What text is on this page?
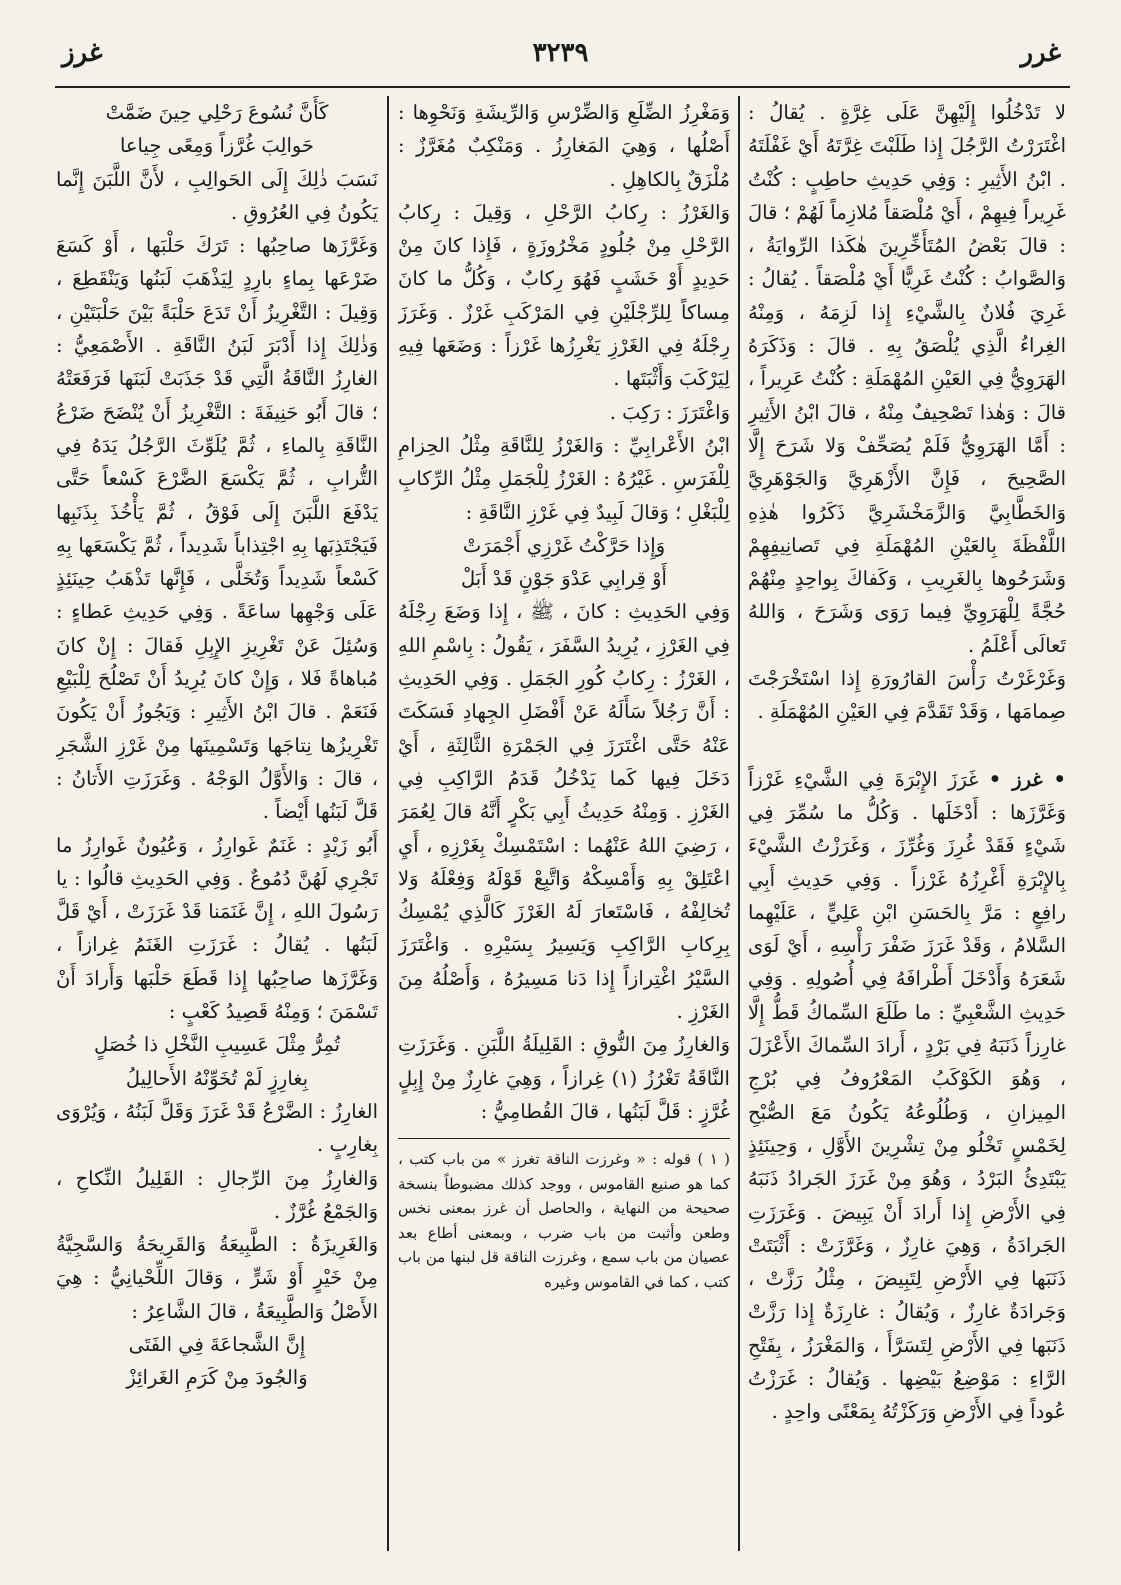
غرر
٣٢٣٩
غرز

لا تَدْخُلُوا إِلَيْهِنَّ عَلَى غِرَّةٍ . يُقالُ : اغْتَرَرْتُ الرَّجُلَ إِذا طَلَبْتَ غِرَّتَهُ أَيْ غَفْلَتَهُ . ابْنُ الأَثِيرِ : وَفِي حَدِيثِ حاطِبٍ : كُنْتُ غَرِيراً فِيهِمْ ، أَيْ مُلْصَقاً مُلازِماً لَهُمْ ؛ قالَ : قالَ بَعْضُ المُتَأَخِّرِينَ هٰكَذا الرِّوايَةُ ، وَالصَّوابُ : كُنْتُ غَرِيًّا أَيْ مُلْصَقاً . يُقالُ : غَرِيَ فُلانٌ بِالشَّيْءِ إِذا لَزِمَهُ ، وَمِنْهُ الغِراءُ الَّذِي يُلْصَقُ بِهِ . قالَ : وَذَكَرَهُ الهَرَوِيُّ فِي العَيْنِ المُهْمَلَةِ : كُنْتُ عَرِيراً ، قالَ : وَهٰذا تَصْحِيفٌ مِنْهُ ، قالَ ابْنُ الأَثِيرِ : أَمَّا الهَرَوِيُّ فَلَمْ يُصَحِّفْ وَلا شَرَحَ إِلَّا الصَّحِيحَ ، فَإِنَّ الأَزْهَرِيَّ وَالجَوْهَرِيَّ وَالخَطَّابِيَّ وَالزَّمَخْشَرِيَّ ذَكَرُوا هٰذِهِ اللَّفْظَةَ بِالعَيْنِ المُهْمَلَةِ فِي تَصانِيفِهِمْ وَشَرَحُوها بِالغَرِيبِ ، وَكَفاكَ بِواحِدٍ مِنْهُمْ حُجَّةً لِلْهَرَوِيِّ فِيما رَوَى وَشَرَحَ ، وَاللهُ تَعالَى أَعْلَمُ .

وَغَرْغَرْتُ رَأْسَ القارُورَةِ إِذا اسْتَخْرَجْتَ صِمامَها ، وَقَدْ تَقَدَّمَ فِي العَيْنِ المُهْمَلَةِ .

• غرز • غَرَزَ الإِبْرَةَ فِي الشَّيْءِ غَرْزاً وَغَرَّزَها : أَدْخَلَها . وَكُلُّ ما سُمِّرَ فِي شَيْءٍ فَقَدْ غُرِزَ وَغُرِّزَ ، وَغَرَزْتُ الشَّيْءَ بِالإِبْرَةِ أَغْرِزُهُ غَرْزاً . وَفِي حَدِيثِ أَبِي رافِعٍ : مَرَّ بِالحَسَنِ ابْنِ عَلِيٍّ ، عَلَيْهِما السَّلامُ ، وَقَدْ غَرَزَ ضَفْرَ رَأْسِهِ ، أَيْ لَوَى شَعَرَهُ وَأَدْخَلَ أَطْرافَهُ فِي أُصُولِهِ . وَفِي حَدِيثِ الشَّعْبِيِّ : ما طَلَعَ السِّماكُ قَطُّ إِلَّا غارِزاً ذَنَبَهُ فِي بَرْدٍ ، أَرادَ السِّماكَ الأَعْزَلَ ، وَهُوَ الكَوْكَبُ المَعْرُوفُ فِي بُرْجِ المِيزانِ ، وَطُلُوعُهُ يَكُونُ مَعَ الصُّبْحِ لِخَمْسٍ تَخْلُو مِنْ تِشْرِينَ الأَوَّلِ ، وَحِينَئِذٍ يَبْتَدِئُ البَرْدُ ، وَهُوَ مِنْ غَرَزَ الجَرادُ ذَنَبَهُ فِي الأَرْضِ إِذا أَرادَ أَنْ يَبِيضَ . وَغَرَزَتِ الجَرادَةُ ، وَهِيَ غارِزٌ ، وَغَرَّزَتْ : أَثْبَتَتْ ذَنَبَها فِي الأَرْضِ لِتَبِيضَ ، مِثْلُ رَزَّتْ ، وَجَرادَةٌ غارِزٌ ، وَيُقالُ : غارِزَةٌ إِذا رَزَّتْ ذَنَبَها فِي الأَرْضِ لِتَسَرَّأَ ، وَالمَغْرَزُ ، بِفَتْحِ الرَّاءِ : مَوْضِعُ بَيْضِها . وَيُقالُ : غَرَزْتُ عُوداً فِي الأَرْضِ وَرَكَزْتُهُ بِمَعْنًى واحِدٍ .

وَمَغْرِزُ الضِّلَعِ وَالضِّرْسِ وَالرِّيشَةِ وَنَحْوِها : أَصْلُها ، وَهِيَ المَغارِزُ . وَمَنْكِبٌ مُغَرَّزٌ : مُلْزَقٌ بِالكاهِلِ .

وَالغَرْزُ : رِكابُ الرَّحْلِ ، وَقِيلَ : رِكابُ الرَّحْلِ مِنْ جُلُودٍ مَخْرُوزَةٍ ، فَإِذا كانَ مِنْ حَدِيدٍ أَوْ خَشَبٍ فَهُوَ رِكابٌ ، وَكُلُّ ما كانَ مِساكاً لِلرِّجْلَيْنِ فِي المَرْكَبِ غَرْزٌ . وَغَرَزَ رِجْلَهُ فِي الغَرْزِ يَغْرِزُها غَرْزاً : وَضَعَها فِيهِ لِيَرْكَبَ وَأَثْبَتَها .

وَاغْتَرَزَ : رَكِبَ .

ابْنُ الأَعْرابِيِّ : وَالغَرْزُ لِلنَّاقَةِ مِثْلُ الحِزامِ لِلْفَرَسِ . غَيْرُهُ : الغَرْزُ لِلْجَمَلِ مِثْلُ الرِّكابِ لِلْبَغْلِ ؛ وَقالَ لَبِيدٌ فِي غَرْزِ النَّاقَةِ :

وَإِذا حَرَّكْتُ غَرْزِي أَجْمَرَتْ

أَوْ قِرابِي عَدْوَ جَوْنٍ قَدْ أَبَلْ

وَفِي الحَدِيثِ : كانَ ، ﷺ ، إِذا وَضَعَ رِجْلَهُ فِي الغَرْزِ ، يُرِيدُ السَّفَرَ ، يَقُولُ : بِاسْمِ اللهِ ، الغَرْزُ : رِكابُ كُورِ الجَمَلِ . وَفِي الحَدِيثِ : أَنَّ رَجُلاً سَأَلَهُ عَنْ أَفْضَلِ الجِهادِ فَسَكَتَ عَنْهُ حَتَّى اغْتَرَزَ فِي الجَمْرَةِ الثَّالِثَةِ ، أَيْ دَخَلَ فِيها كَما يَدْخُلُ قَدَمُ الرَّاكِبِ فِي الغَرْزِ . وَمِنْهُ حَدِيثُ أَبِي بَكْرٍ أَنَّهُ قالَ لِعُمَرَ ، رَضِيَ اللهُ عَنْهُما : اسْتَمْسِكْ بِغَرْزِهِ ، أَيِ اعْتَلِقْ بِهِ وَأَمْسِكْهُ وَاتَّبِعْ قَوْلَهُ وَفِعْلَهُ وَلا تُخالِفْهُ ، فَاسْتَعارَ لَهُ الغَرْزَ كَالَّذِي يُمْسِكُ بِرِكابِ الرَّاكِبِ وَيَسِيرُ بِسَيْرِهِ . وَاغْتَرَزَ السَّيْرُ اغْتِرازاً إِذا دَنا مَسِيرُهُ ، وَأَصْلُهُ مِنَ الغَرْزِ .

وَالغارِزُ مِنَ النُّوقِ : القَلِيلَةُ اللَّبَنِ . وَغَرَزَتِ النَّاقَةُ تَغْرُزُ (١) غِرازاً ، وَهِيَ غارِزٌ مِنْ إِبِلٍ غُرَّزٍ : قَلَّ لَبَنُها ، قالَ القُطامِيُّ :

( ١ ) قوله : « وغرزت الناقة تغرز » من باب كتب ، كما هو صنيع القاموس ، ووجد كذلك مضبوطاً بنسخة صحيحة من النهاية ، والحاصل أن غرز بمعنى نخس وطعن وأثبت من باب ضرب ، وبمعنى أطاع بعد عصيان من باب سمع ، وغرزت الناقة قل لبنها من باب كتب ، كما في القاموس وغيره

كَأَنَّ نُسُوعَ رَحْلِي حِينَ ضَمَّتْ

حَوالِبَ غُرَّزاً وَمِعًى جِياعا

نَسَبَ ذٰلِكَ إِلَى الحَوالِبِ ، لأَنَّ اللَّبَنَ إِنَّما يَكُونُ فِي العُرُوقِ .

وَغَرَّزَها صاحِبُها : تَرَكَ حَلْبَها ، أَوْ كَسَعَ ضَرْعَها بِماءٍ بارِدٍ لِيَذْهَبَ لَبَنُها وَيَنْقَطِعَ ، وَقِيلَ : التَّغْرِيزُ أَنْ تَدَعَ حَلْبَةً بَيْنَ حَلْبَتَيْنِ ، وَذٰلِكَ إِذا أَدْبَرَ لَبَنُ النَّاقَةِ . الأَصْمَعِيُّ : الغارِزُ النَّاقَةُ الَّتِي قَدْ جَذَبَتْ لَبَنَها فَرَفَعَتْهُ ؛ قالَ أَبُو حَنِيفَةَ : التَّغْرِيزُ أَنْ يُنْضَحَ ضَرْعُ النَّاقَةِ بِالماءِ ، ثُمَّ يُلَوِّثَ الرَّجُلُ يَدَهُ فِي التُّرابِ ، ثُمَّ يَكْسَعَ الضَّرْعَ كَسْعاً حَتَّى يَدْفَعَ اللَّبَنَ إِلَى فَوْقُ ، ثُمَّ يَأْخُذَ بِذَنَبِها فَيَجْتَذِبَها بِهِ اجْتِذاباً شَدِيداً ، ثُمَّ يَكْسَعَها بِهِ كَسْعاً شَدِيداً وَتُخَلَّى ، فَإِنَّها تَذْهَبُ حِينَئِذٍ عَلَى وَجْهِها ساعَةً . وَفِي حَدِيثِ عَطاءٍ : وَسُئِلَ عَنْ تَغْرِيزِ الإِبِلِ فَقالَ : إِنْ كانَ مُباهاةً فَلا ، وَإِنْ كانَ يُرِيدُ أَنْ تَصْلُحَ لِلْبَيْعِ فَنَعَمْ . قالَ ابْنُ الأَثِيرِ : وَيَجُوزُ أَنْ يَكُونَ تَغْرِيزُها نِتاجَها وَتَسْمِينَها مِنْ غَرْزِ الشَّجَرِ ، قالَ : وَالأَوَّلُ الوَجْهُ . وَغَرَزَتِ الأَتانُ : قَلَّ لَبَنُها أَيْضاً .

أَبُو زَيْدٍ : غَنَمٌ غَوارِزُ ، وَعُيُونٌ غَوارِزُ ما تَجْرِي لَهُنَّ دُمُوعٌ . وَفِي الحَدِيثِ قالُوا : يا رَسُولَ اللهِ ، إِنَّ غَنَمَنا قَدْ غَرَزَتْ ، أَيْ قَلَّ لَبَنُها . يُقالُ : غَرَزَتِ الغَنَمُ غِرازاً ، وَغَرَّزَها صاحِبُها إِذا قَطَعَ حَلْبَها وَأَرادَ أَنْ تَسْمَنَ ؛ وَمِنْهُ قَصِيدُ كَعْبٍ :

تُمِرُّ مِثْلَ عَسِيبِ النَّخْلِ ذا خُصَلٍ

بِغارِزٍ لَمْ تُخَوِّنْهُ الأَحالِيلُ

الغارِزُ : الضَّرْعُ قَدْ غَرَزَ وَقَلَّ لَبَنُهُ ، وَيُرْوَى بِغارِبٍ .

وَالغارِزُ مِنَ الرِّجالِ : القَلِيلُ النِّكاحِ ، وَالجَمْعُ غُرَّزٌ .

وَالغَرِيزَةُ : الطَّبِيعَةُ وَالقَرِيحَةُ وَالسَّجِيَّةُ مِنْ خَيْرٍ أَوْ شَرٍّ ، وَقالَ اللِّحْيانِيُّ : هِيَ الأَصْلُ وَالطَّبِيعَةُ ، قالَ الشَّاعِرُ :

إِنَّ الشَّجاعَةَ فِي الفَتَى

وَالجُودَ مِنْ كَرَمِ الغَرائِزْ
